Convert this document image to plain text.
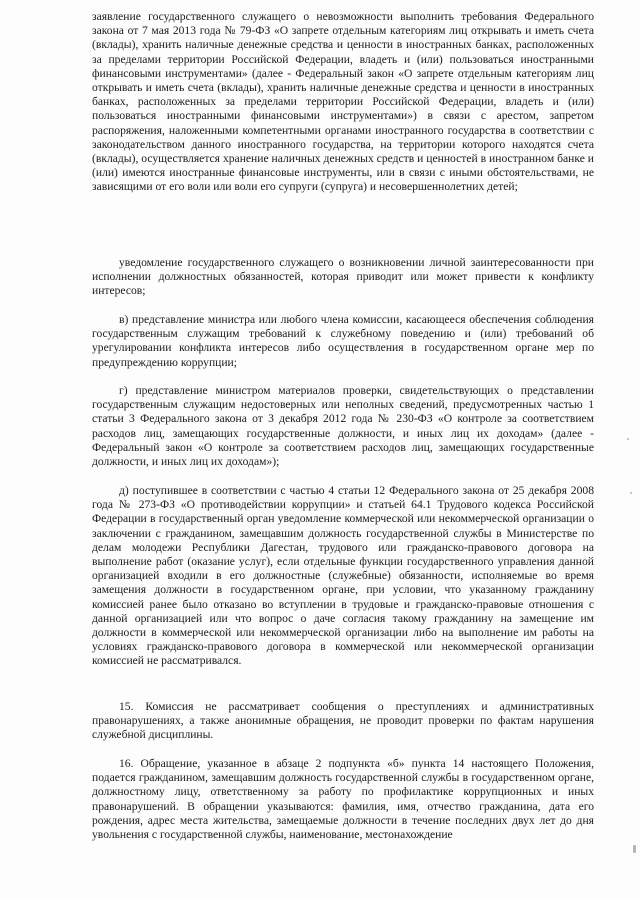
заявление государственного служащего о невозможности выполнить требования Федерального закона от 7 мая 2013 года № 79-ФЗ «О запрете отдельным категориям лиц открывать и иметь счета (вклады), хранить наличные денежные средства и ценности в иностранных банках, расположенных за пределами территории Российской Федерации, владеть и (или) пользоваться иностранными финансовыми инструментами» (далее - Федеральный закон «О запрете отдельным категориям лиц открывать и иметь счета (вклады), хранить наличные денежные средства и ценности в иностранных банках, расположенных за пределами территории Российской Федерации, владеть и (или) пользоваться иностранными финансовыми инструментами») в связи с арестом, запретом распоряжения, наложенными компетентными органами иностранного государства в соответствии с законодательством данного иностранного государства, на территории которого находятся счета (вклады), осуществляется хранение наличных денежных средств и ценностей в иностранном банке и (или) имеются иностранные финансовые инструменты, или в связи с иными обстоятельствами, не зависящими от его воли или воли его супруги (супруга) и несовершеннолетних детей;

уведомление государственного служащего о возникновении личной заинтересованности при исполнении должностных обязанностей, которая приводит или может привести к конфликту интересов;

в) представление министра или любого члена комиссии, касающееся обеспечения соблюдения государственным служащим требований к служебному поведению и (или) требований об урегулировании конфликта интересов либо осуществления в государственном органе мер по предупреждению коррупции;

г) представление министром материалов проверки, свидетельствующих о представлении государственным служащим недостоверных или неполных сведений, предусмотренных частью 1 статьи 3 Федерального закона от 3 декабря 2012 года № 230-ФЗ «О контроле за соответствием расходов лиц, замещающих государственные должности, и иных лиц их доходам» (далее - Федеральный закон «О контроле за соответствием расходов лиц, замещающих государственные должности, и иных лиц их доходам»);

д) поступившее в соответствии с частью 4 статьи 12 Федерального закона от 25 декабря 2008 года № 273-ФЗ «О противодействии коррупции» и статьей 64.1 Трудового кодекса Российской Федерации в государственный орган уведомление коммерческой или некоммерческой организации о заключении с гражданином, замещавшим должность государственной службы в Министерстве по делам молодежи Республики Дагестан, трудового или гражданско-правового договора на выполнение работ (оказание услуг), если отдельные функции государственного управления данной организацией входили в его должностные (служебные) обязанности, исполняемые во время замещения должности в государственном органе, при условии, что указанному гражданину комиссией ранее было отказано во вступлении в трудовые и гражданско-правовые отношения с данной организацией или что вопрос о даче согласия такому гражданину на замещение им должности в коммерческой или некоммерческой организации либо на выполнение им работы на условиях гражданско-правового договора в коммерческой или некоммерческой организации комиссией не рассматривался.

15. Комиссия не рассматривает сообщения о преступлениях и административных правонарушениях, а также анонимные обращения, не проводит проверки по фактам нарушения служебной дисциплины.

16. Обращение, указанное в абзаце 2 подпункта «б» пункта 14 настоящего Положения, подается гражданином, замещавшим должность государственной службы в государственном органе, должностному лицу, ответственному за работу по профилактике коррупционных и иных правонарушений. В обращении указываются: фамилия, имя, отчество гражданина, дата его рождения, адрес места жительства, замещаемые должности в течение последних двух лет до дня увольнения с государственной службы, наименование, местонахождение
